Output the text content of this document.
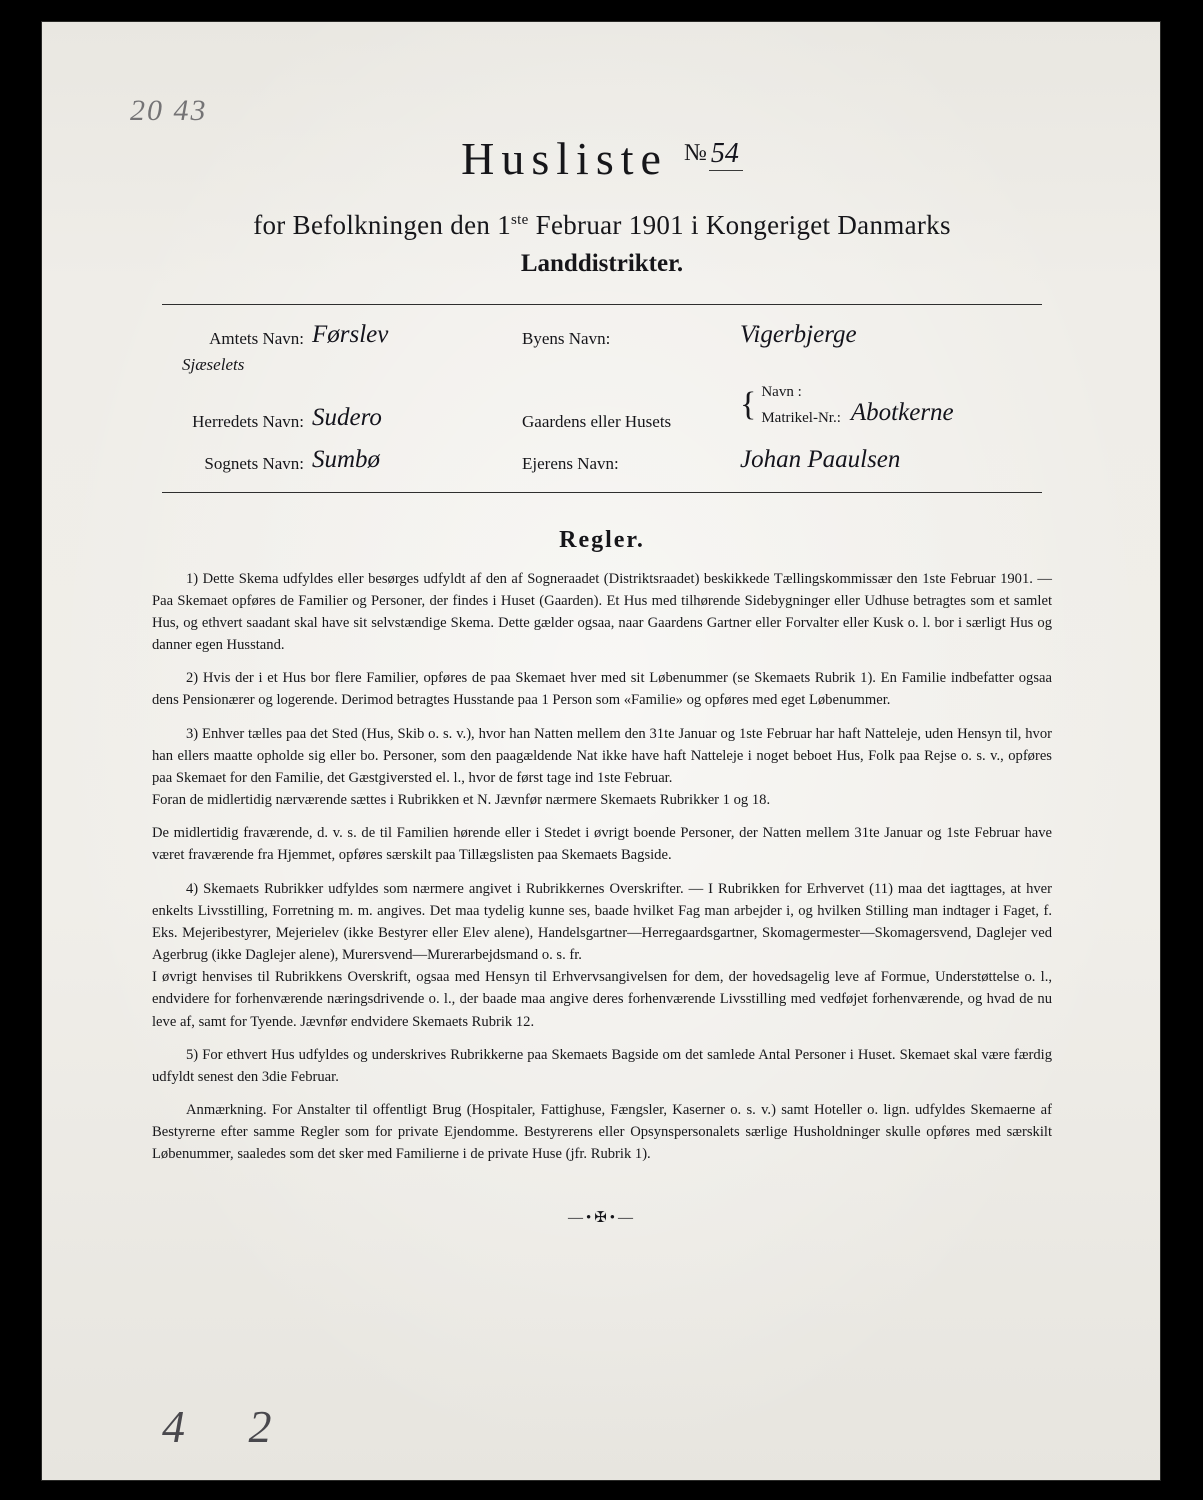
20 43
4 2
Husliste № 54
for Befolkningen den 1ste Februar 1901 i Kongeriget Danmarks
Landdistrikter.
Amtets Navn: Førslev	Byens Navn:	Vigerbjerge
Sjæselets
Herredets Navn: Sudero	Gaardens eller Husets	{ Navn :
Matrikel-Nr.: Abotkerne
Sognets Navn: Sumbø	Ejerens Navn:	Johan Paaulsen
Regler.

1) Dette Skema udfyldes eller besørges udfyldt af den af Sogneraadet (Distriktsraadet) beskikkede Tællingskommissær den 1ste Februar 1901. — Paa Skemaet opføres de Familier og Personer, der findes i Huset (Gaarden). Et Hus med tilhørende Sidebygninger eller Udhuse betragtes som et samlet Hus, og ethvert saadant skal have sit selvstændige Skema. Dette gælder ogsaa, naar Gaardens Gartner eller Forvalter eller Kusk o. l. bor i særligt Hus og danner egen Husstand.

2) Hvis der i et Hus bor flere Familier, opføres de paa Skemaet hver med sit Løbenummer (se Skemaets Rubrik 1). En Familie indbefatter ogsaa dens Pensionærer og logerende. Derimod betragtes Husstande paa 1 Person som «Familie» og opføres med eget Løbenummer.

3) Enhver tælles paa det Sted (Hus, Skib o. s. v.), hvor han Natten mellem den 31te Januar og 1ste Februar har haft Natteleje, uden Hensyn til, hvor han ellers maatte opholde sig eller bo. Personer, som den paagældende Nat ikke have haft Natteleje i noget beboet Hus, Folk paa Rejse o. s. v., opføres paa Skemaet for den Familie, det Gæstgiversted el. l., hvor de først tage ind 1ste Februar.

Foran de midlertidig nærværende sættes i Rubrikken et N. Jævnfør nærmere Skemaets Rubrikker 1 og 18.

De midlertidig fraværende, d. v. s. de til Familien hørende eller i Stedet i øvrigt boende Personer, der Natten mellem 31te Januar og 1ste Februar have været fraværende fra Hjemmet, opføres særskilt paa Tillægslisten paa Skemaets Bagside.

4) Skemaets Rubrikker udfyldes som nærmere angivet i Rubrikkernes Overskrifter. — I Rubrikken for Erhvervet (11) maa det iagttages, at hver enkelts Livsstilling, Forretning m. m. angives. Det maa tydelig kunne ses, baade hvilket Fag man arbejder i, og hvilken Stilling man indtager i Faget, f. Eks. Mejeribestyrer, Mejerielev (ikke Bestyrer eller Elev alene), Handelsgartner—Herregaardsgartner, Skomagermester—Skomagersvend, Daglejer ved Agerbrug (ikke Daglejer alene), Murersvend—Murerarbejdsmand o. s. fr.

I øvrigt henvises til Rubrikkens Overskrift, ogsaa med Hensyn til Erhvervsangivelsen for dem, der hovedsagelig leve af Formue, Understøttelse o. l., endvidere for forhenværende næringsdrivende o. l., der baade maa angive deres forhenværende Livsstilling med vedføjet forhenværende, og hvad de nu leve af, samt for Tyende. Jævnfør endvidere Skemaets Rubrik 12.

5) For ethvert Hus udfyldes og underskrives Rubrikkerne paa Skemaets Bagside om det samlede Antal Personer i Huset. Skemaet skal være færdig udfyldt senest den 3die Februar.

Anmærkning. For Anstalter til offentligt Brug (Hospitaler, Fattighuse, Fængsler, Kaserner o. s. v.) samt Hoteller o. lign. udfyldes Skemaerne af Bestyrerne efter samme Regler som for private Ejendomme. Bestyrerens eller Opsynspersonalets særlige Husholdninger skulle opføres med særskilt Løbenummer, saaledes som det sker med Familierne i de private Huse (jfr. Rubrik 1).

—•✠•—
